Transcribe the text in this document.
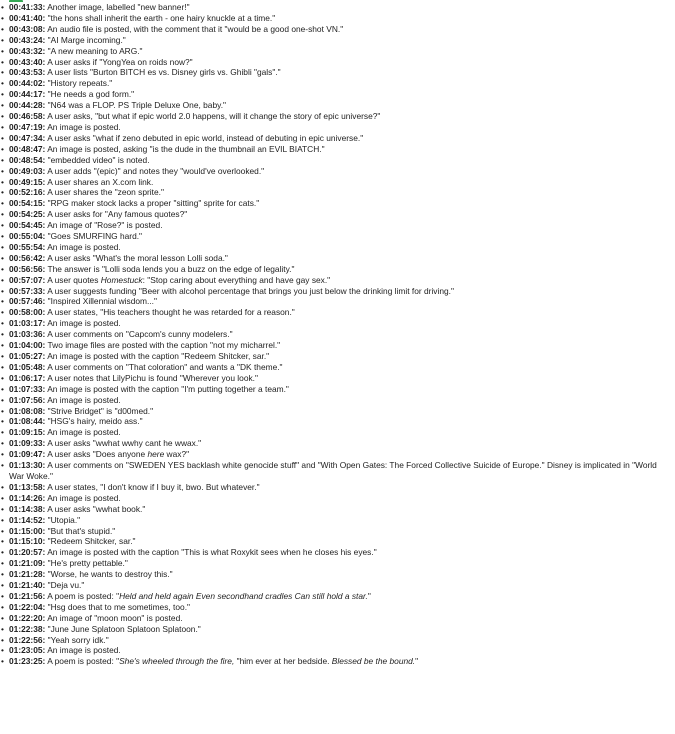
• 00:41:33: Another image, labelled "new banner!"
• 00:41:40: "the hons shall inherit the earth - one hairy knuckle at a time."
• 00:43:08: An audio file is posted, with the comment that it "would be a good one-shot VN."
• 00:43:24: "AI Marge incoming."
• 00:43:32: "A new meaning to ARG."
• 00:43:40: A user asks if "YongYea on roids now?"
• 00:43:53: A user lists "Burton BITCH es vs. Disney girls vs. Ghibli "gals"."
• 00:44:02: "History repeats."
• 00:44:17: "He needs a god form."
• 00:44:28: "N64 was a FLOP. PS Triple Deluxe One, baby."
• 00:46:58: A user asks, "but what if epic world 2.0 happens, will it change the story of epic universe?"
• 00:47:19: An image is posted.
• 00:47:34: A user asks "what if zeno debuted in epic world, instead of debuting in epic universe."
• 00:48:47: An image is posted, asking "is the dude in the thumbnail an EVIL BIATCH."
• 00:48:54: "embedded video" is noted.
• 00:49:03: A user adds "(epic)" and notes they "would've overlooked."
• 00:49:15: A user shares an X.com link.
• 00:52:16: A user shares the "zeon sprite."
• 00:54:15: "RPG maker stock lacks a proper "sitting" sprite for cats."
• 00:54:25: A user asks for "Any famous quotes?"
• 00:54:45: An image of "Rose?" is posted.
• 00:55:04: "Goes SMURFING hard."
• 00:55:54: An image is posted.
• 00:56:42: A user asks "What's the moral lesson Lolli soda."
• 00:56:56: The answer is "Lolli soda lends you a buzz on the edge of legality."
• 00:57:07: A user quotes Homestuck: "Stop caring about everything and have gay sex."
• 00:57:33: A user suggests funding "Beer with alcohol percentage that brings you just below the drinking limit for driving."
• 00:57:46: "Inspired Xillennial wisdom..."
• 00:58:00: A user states, "His teachers thought he was retarded for a reason."
• 01:03:17: An image is posted.
• 01:03:36: A user comments on "Capcom's cunny modelers."
• 01:04:00: Two image files are posted with the caption "not my micharrel."
• 01:05:27: An image is posted with the caption "Redeem Shitcker, sar."
• 01:05:48: A user comments on "That coloration" and wants a "DK theme."
• 01:06:17: A user notes that LilyPichu is found "Wherever you look."
• 01:07:33: An image is posted with the caption "I'm putting together a team."
• 01:07:56: An image is posted.
• 01:08:08: "Strive Bridget" is "d00med."
• 01:08:44: "HSG's hairy, meido ass."
• 01:09:15: An image is posted.
• 01:09:33: A user asks "wwhat wwhy cant he wwax."
• 01:09:47: A user asks "Does anyone here wax?"
• 01:13:30: A user comments on "SWEDEN YES backlash white genocide stuff" and "With Open Gates: The Forced Collective Suicide of Europe." Disney is implicated in "World War Woke."
• 01:13:58: A user states, "I don't know if I buy it, bwo. But whatever."
• 01:14:26: An image is posted.
• 01:14:38: A user asks "wwhat book."
• 01:14:52: "Utopia."
• 01:15:00: "But that's stupid."
• 01:15:10: "Redeem Shitcker, sar."
• 01:20:57: An image is posted with the caption "This is what Roxykit sees when he closes his eyes."
• 01:21:09: "He's pretty pettable."
• 01:21:28: "Worse, he wants to destroy this."
• 01:21:40: "Deja vu."
• 01:21:56: A poem is posted: "Held and held again Even secondhand cradles Can still hold a star."
• 01:22:04: "Hsg does that to me sometimes, too."
• 01:22:20: An image of "moon moon" is posted.
• 01:22:38: "June June Splatoon Splatoon Splatoon."
• 01:22:56: "Yeah sorry idk."
• 01:23:05: An image is posted.
• 01:23:25: A poem is posted: "She's wheeled through the fire, "him ever at her bedside. Blessed be the bound."
